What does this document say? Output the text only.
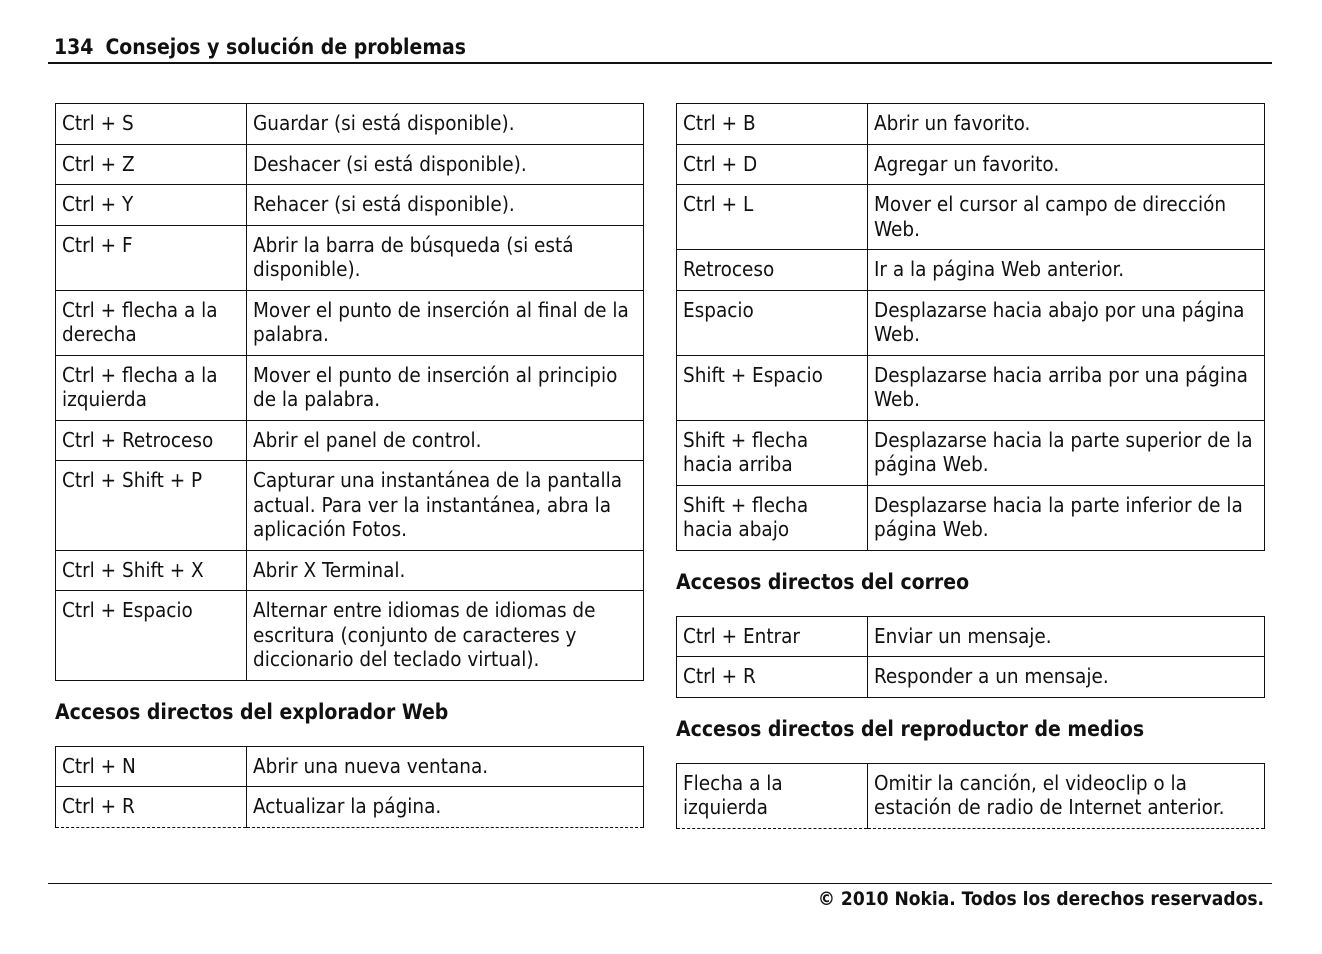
134 Consejos y solución de problemas
Ctrl + S	Guardar (si está disponible).
Ctrl + Z	Deshacer (si está disponible).
Ctrl + Y	Rehacer (si está disponible).
Ctrl + F	Abrir la barra de búsqueda (si está disponible).
Ctrl + flecha a la derecha	Mover el punto de inserción al final de la palabra.
Ctrl + flecha a la izquierda	Mover el punto de inserción al principio de la palabra.
Ctrl + Retroceso	Abrir el panel de control.
Ctrl + Shift + P	Capturar una instantánea de la pantalla actual. Para ver la instantánea, abra la aplicación Fotos.
Ctrl + Shift + X	Abrir X Terminal.
Ctrl + Espacio	Alternar entre idiomas de idiomas de escritura (conjunto de caracteres y diccionario del teclado virtual).
Accesos directos del explorador Web
Ctrl + N	Abrir una nueva ventana.
Ctrl + R	Actualizar la página.
Ctrl + B	Abrir un favorito.
Ctrl + D	Agregar un favorito.
Ctrl + L	Mover el cursor al campo de dirección Web.
Retroceso	Ir a la página Web anterior.
Espacio	Desplazarse hacia abajo por una página Web.
Shift + Espacio	Desplazarse hacia arriba por una página Web.
Shift + flecha hacia arriba	Desplazarse hacia la parte superior de la página Web.
Shift + flecha hacia abajo	Desplazarse hacia la parte inferior de la página Web.
Accesos directos del correo
Ctrl + Entrar	Enviar un mensaje.
Ctrl + R	Responder a un mensaje.
Accesos directos del reproductor de medios
Flecha a la izquierda	Omitir la canción, el videoclip o la estación de radio de Internet anterior.
© 2010 Nokia. Todos los derechos reservados.
